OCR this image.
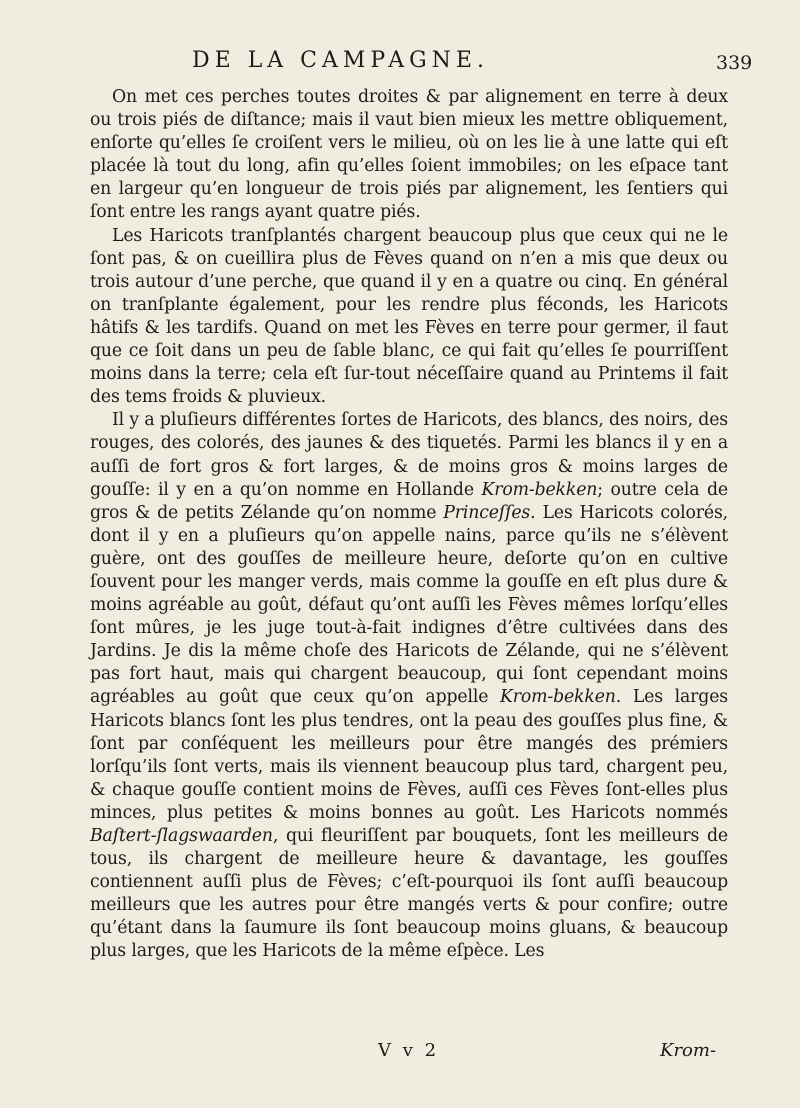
DE LA CAMPAGNE.	339

On met ces perches toutes droites & par alignement en terre à deux ou trois piés de diſtance; mais il vaut bien mieux les mettre obliquement, enſorte qu’elles ſe croiſent vers le milieu, où on les lie à une latte qui eſt placée là tout du long, afin qu’elles ſoient immobiles; on les eſpace tant en largeur qu’en longueur de trois piés par alignement, les ſentiers qui ſont entre les rangs ayant quatre piés.

Les Haricots tranſplantés chargent beaucoup plus que ceux qui ne le ſont pas, & on cueillira plus de Fèves quand on n’en a mis que deux ou trois autour d’une perche, que quand il y en a quatre ou cinq. En général on tranſplante également, pour les rendre plus féconds, les Haricots hâtifs & les tardifs. Quand on met les Fèves en terre pour germer, il faut que ce ſoit dans un peu de ſable blanc, ce qui fait qu’elles ſe pourriſſent moins dans la terre; cela eſt ſur-tout néceſſaire quand au Printems il fait des tems froids & pluvieux.

Il y a pluſieurs différentes ſortes de Haricots, des blancs, des noirs, des rouges, des colorés, des jaunes & des tiquetés. Parmi les blancs il y en a auſſi de fort gros & fort larges, & de moins gros & moins larges de gouſſe: il y en a qu’on nomme en Hollande Krom-bekken; outre cela de gros & de petits Zélande qu’on nomme Princeſſes. Les Haricots colorés, dont il y en a pluſieurs qu’on appelle nains, parce qu’ils ne s’élèvent guère, ont des gouſſes de meilleure heure, deſorte qu’on en cultive ſouvent pour les manger verds, mais comme la gouſſe en eſt plus dure & moins agréable au goût, défaut qu’ont auſſi les Fèves mêmes lorſqu’elles ſont mûres, je les juge tout-à-fait indignes d’être cultivées dans des Jardins. Je dis la même choſe des Haricots de Zélande, qui ne s’élèvent pas fort haut, mais qui chargent beaucoup, qui ſont cependant moins agréables au goût que ceux qu’on appelle Krom-bekken. Les larges Haricots blancs ſont les plus tendres, ont la peau des gouſſes plus fine, & ſont par conſéquent les meilleurs pour être mangés des prémiers lorſqu’ils ſont verts, mais ils viennent beaucoup plus tard, chargent peu, & chaque gouſſe contient moins de Fèves, auſſi ces Fèves ſont-elles plus minces, plus petites & moins bonnes au goût. Les Haricots nommés Baſtert-ſlagswaarden, qui fleuriſſent par bouquets, ſont les meilleurs de tous, ils chargent de meilleure heure & davantage, les gouſſes contiennent auſſi plus de Fèves; c’eſt-pourquoi ils ſont auſſi beaucoup meilleurs que les autres pour être mangés verts & pour confire; outre qu’étant dans la ſaumure ils ſont beaucoup moins gluans, & beaucoup plus larges, que les Haricots de la même eſpèce. Les

V v 2	Krom-
